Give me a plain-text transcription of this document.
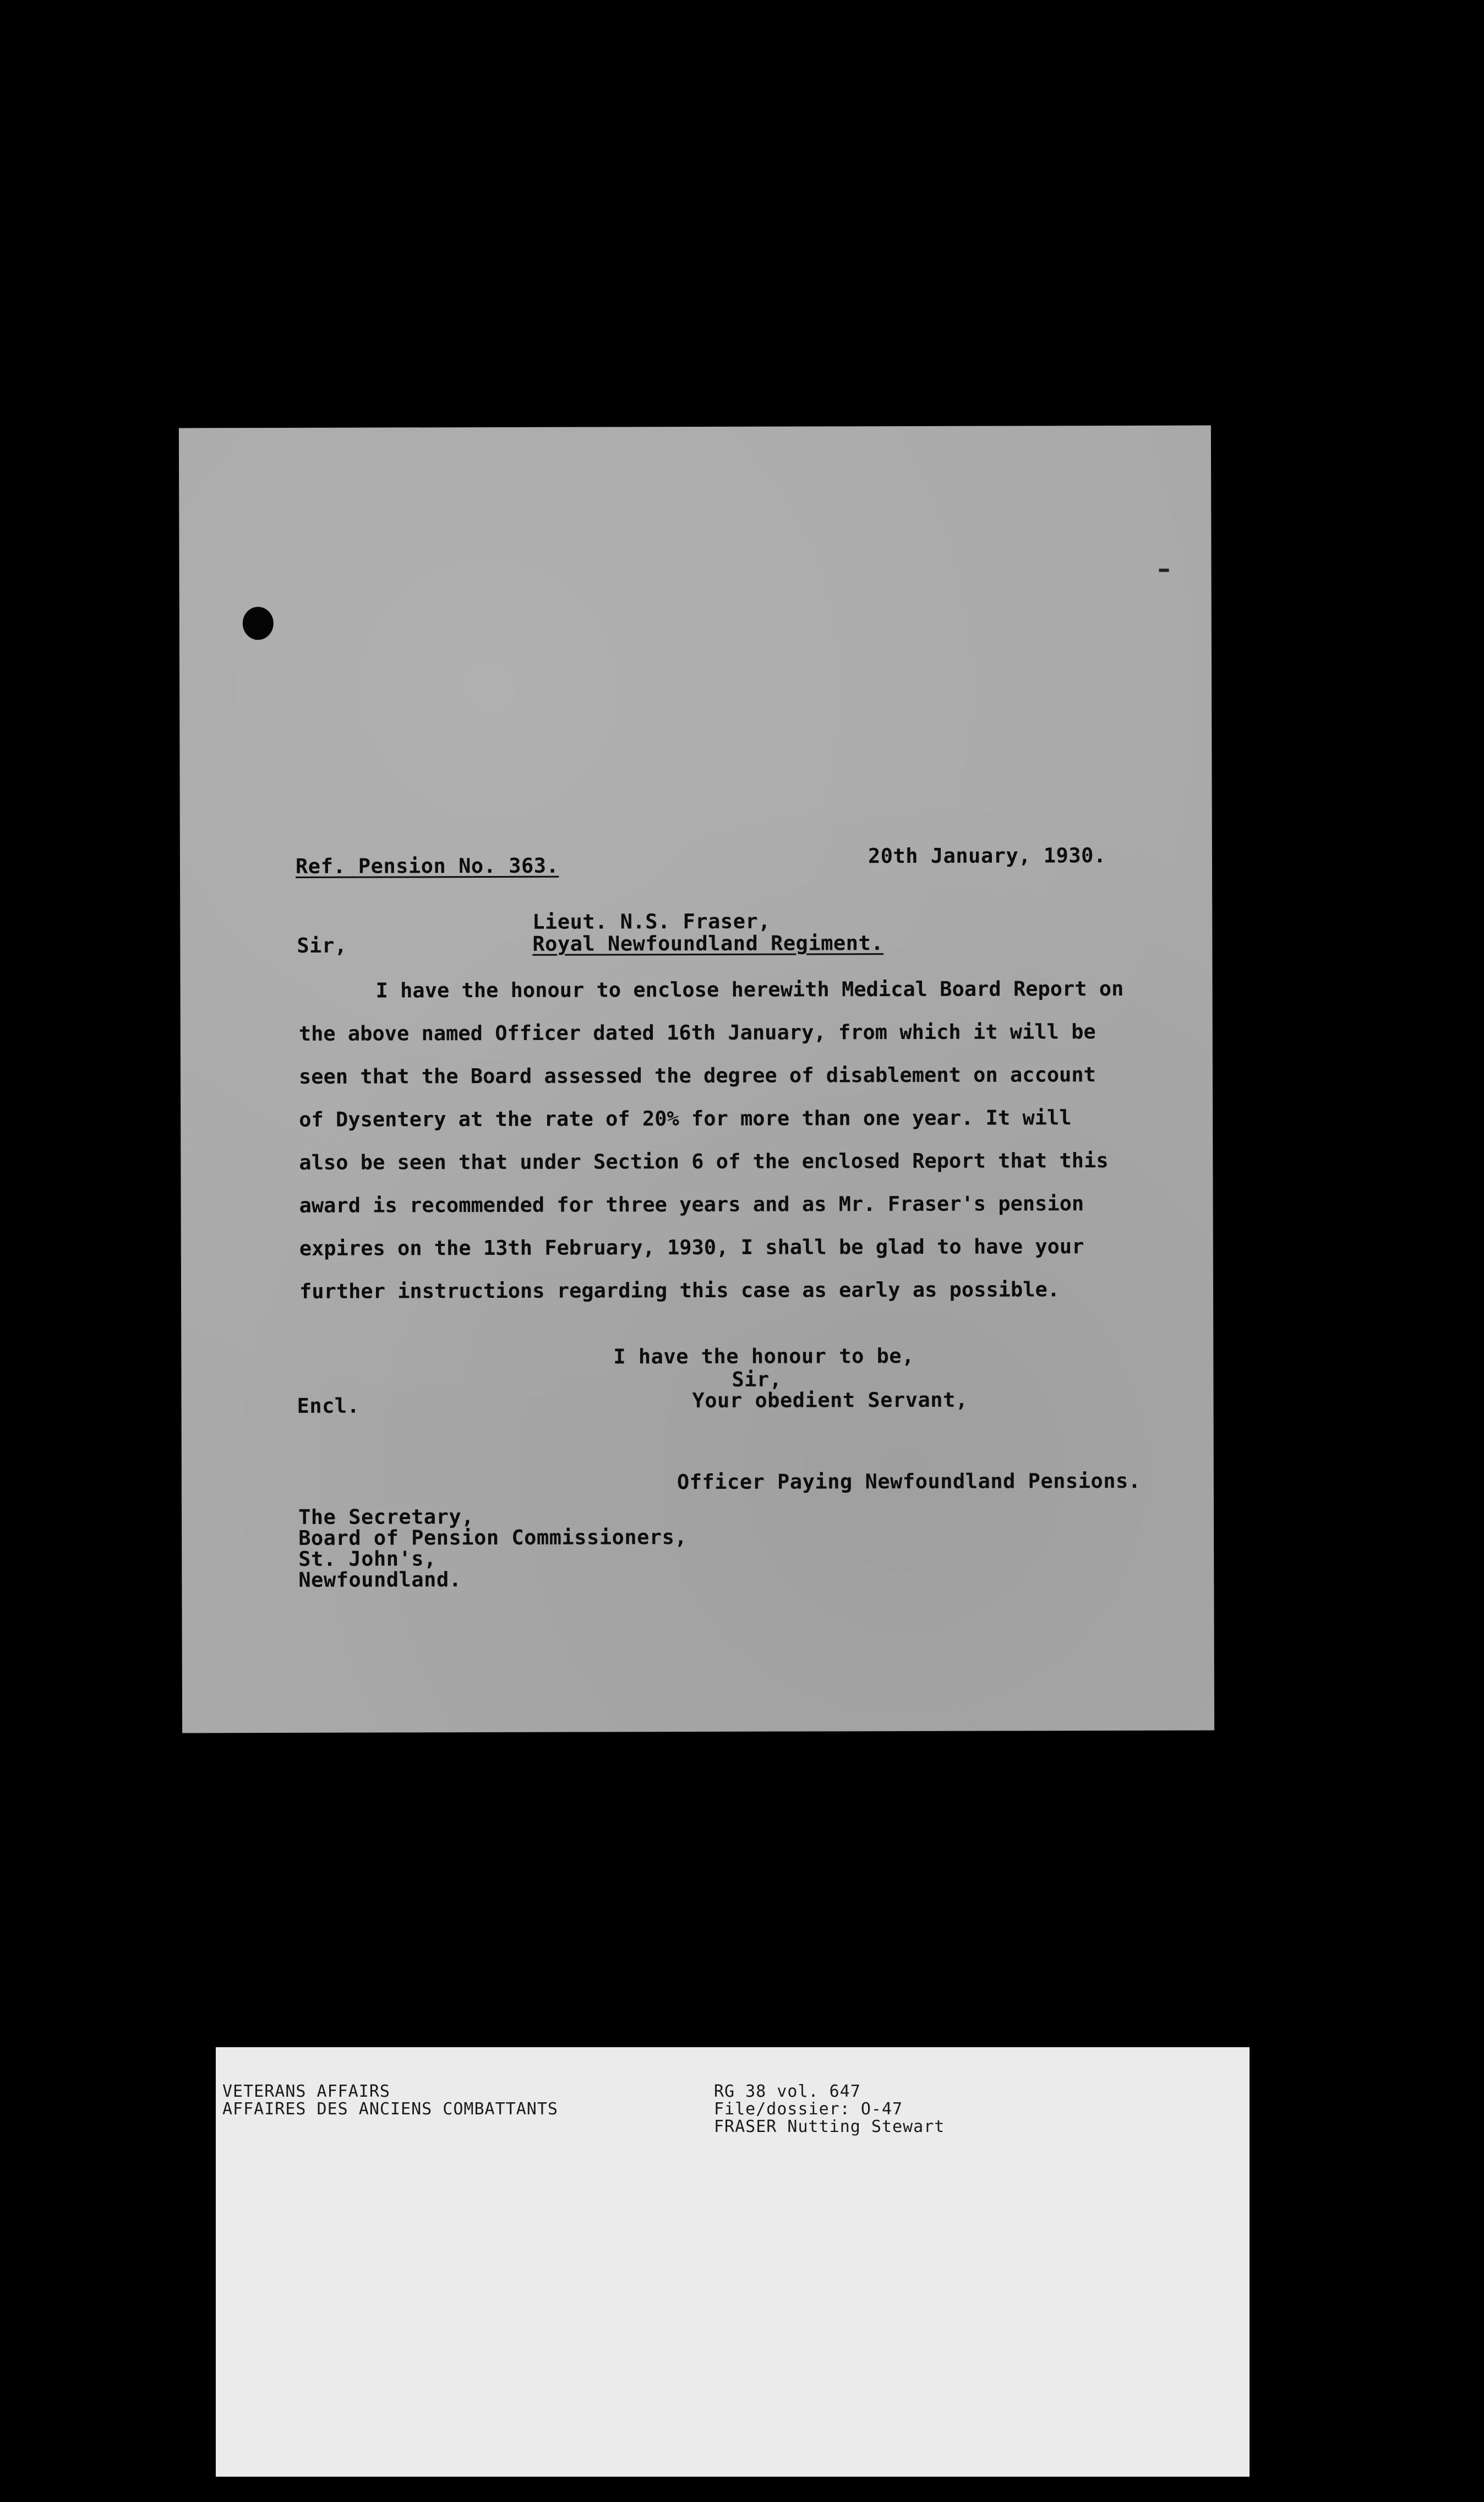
Ref. Pension No. 363.	20th January, 1930.
Lieut. N.S. Fraser,
Sir,	Royal Newfoundland Regiment.
I have the honour to enclose herewith Medical Board Report on
the above named Officer dated 16th January, from which it will be
seen that the Board assessed the degree of disablement on account
of Dysentery at the rate of 20% for more than one year. It will
also be seen that under Section 6 of the enclosed Report that this
award is recommended for three years and as Mr. Fraser's pension
expires on the 13th February, 1930, I shall be glad to have your
further instructions regarding this case as early as possible.
I have the honour to be,
Sir,
Encl.	Your obedient Servant,
Officer Paying Newfoundland Pensions.
The Secretary,
Board of Pension Commissioners,
St. John's,
Newfoundland.
VETERANS AFFAIRS
AFFAIRES DES ANCIENS COMBATTANTS
RG 38 vol. 647
File/dossier: O-47
FRASER Nutting Stewart
